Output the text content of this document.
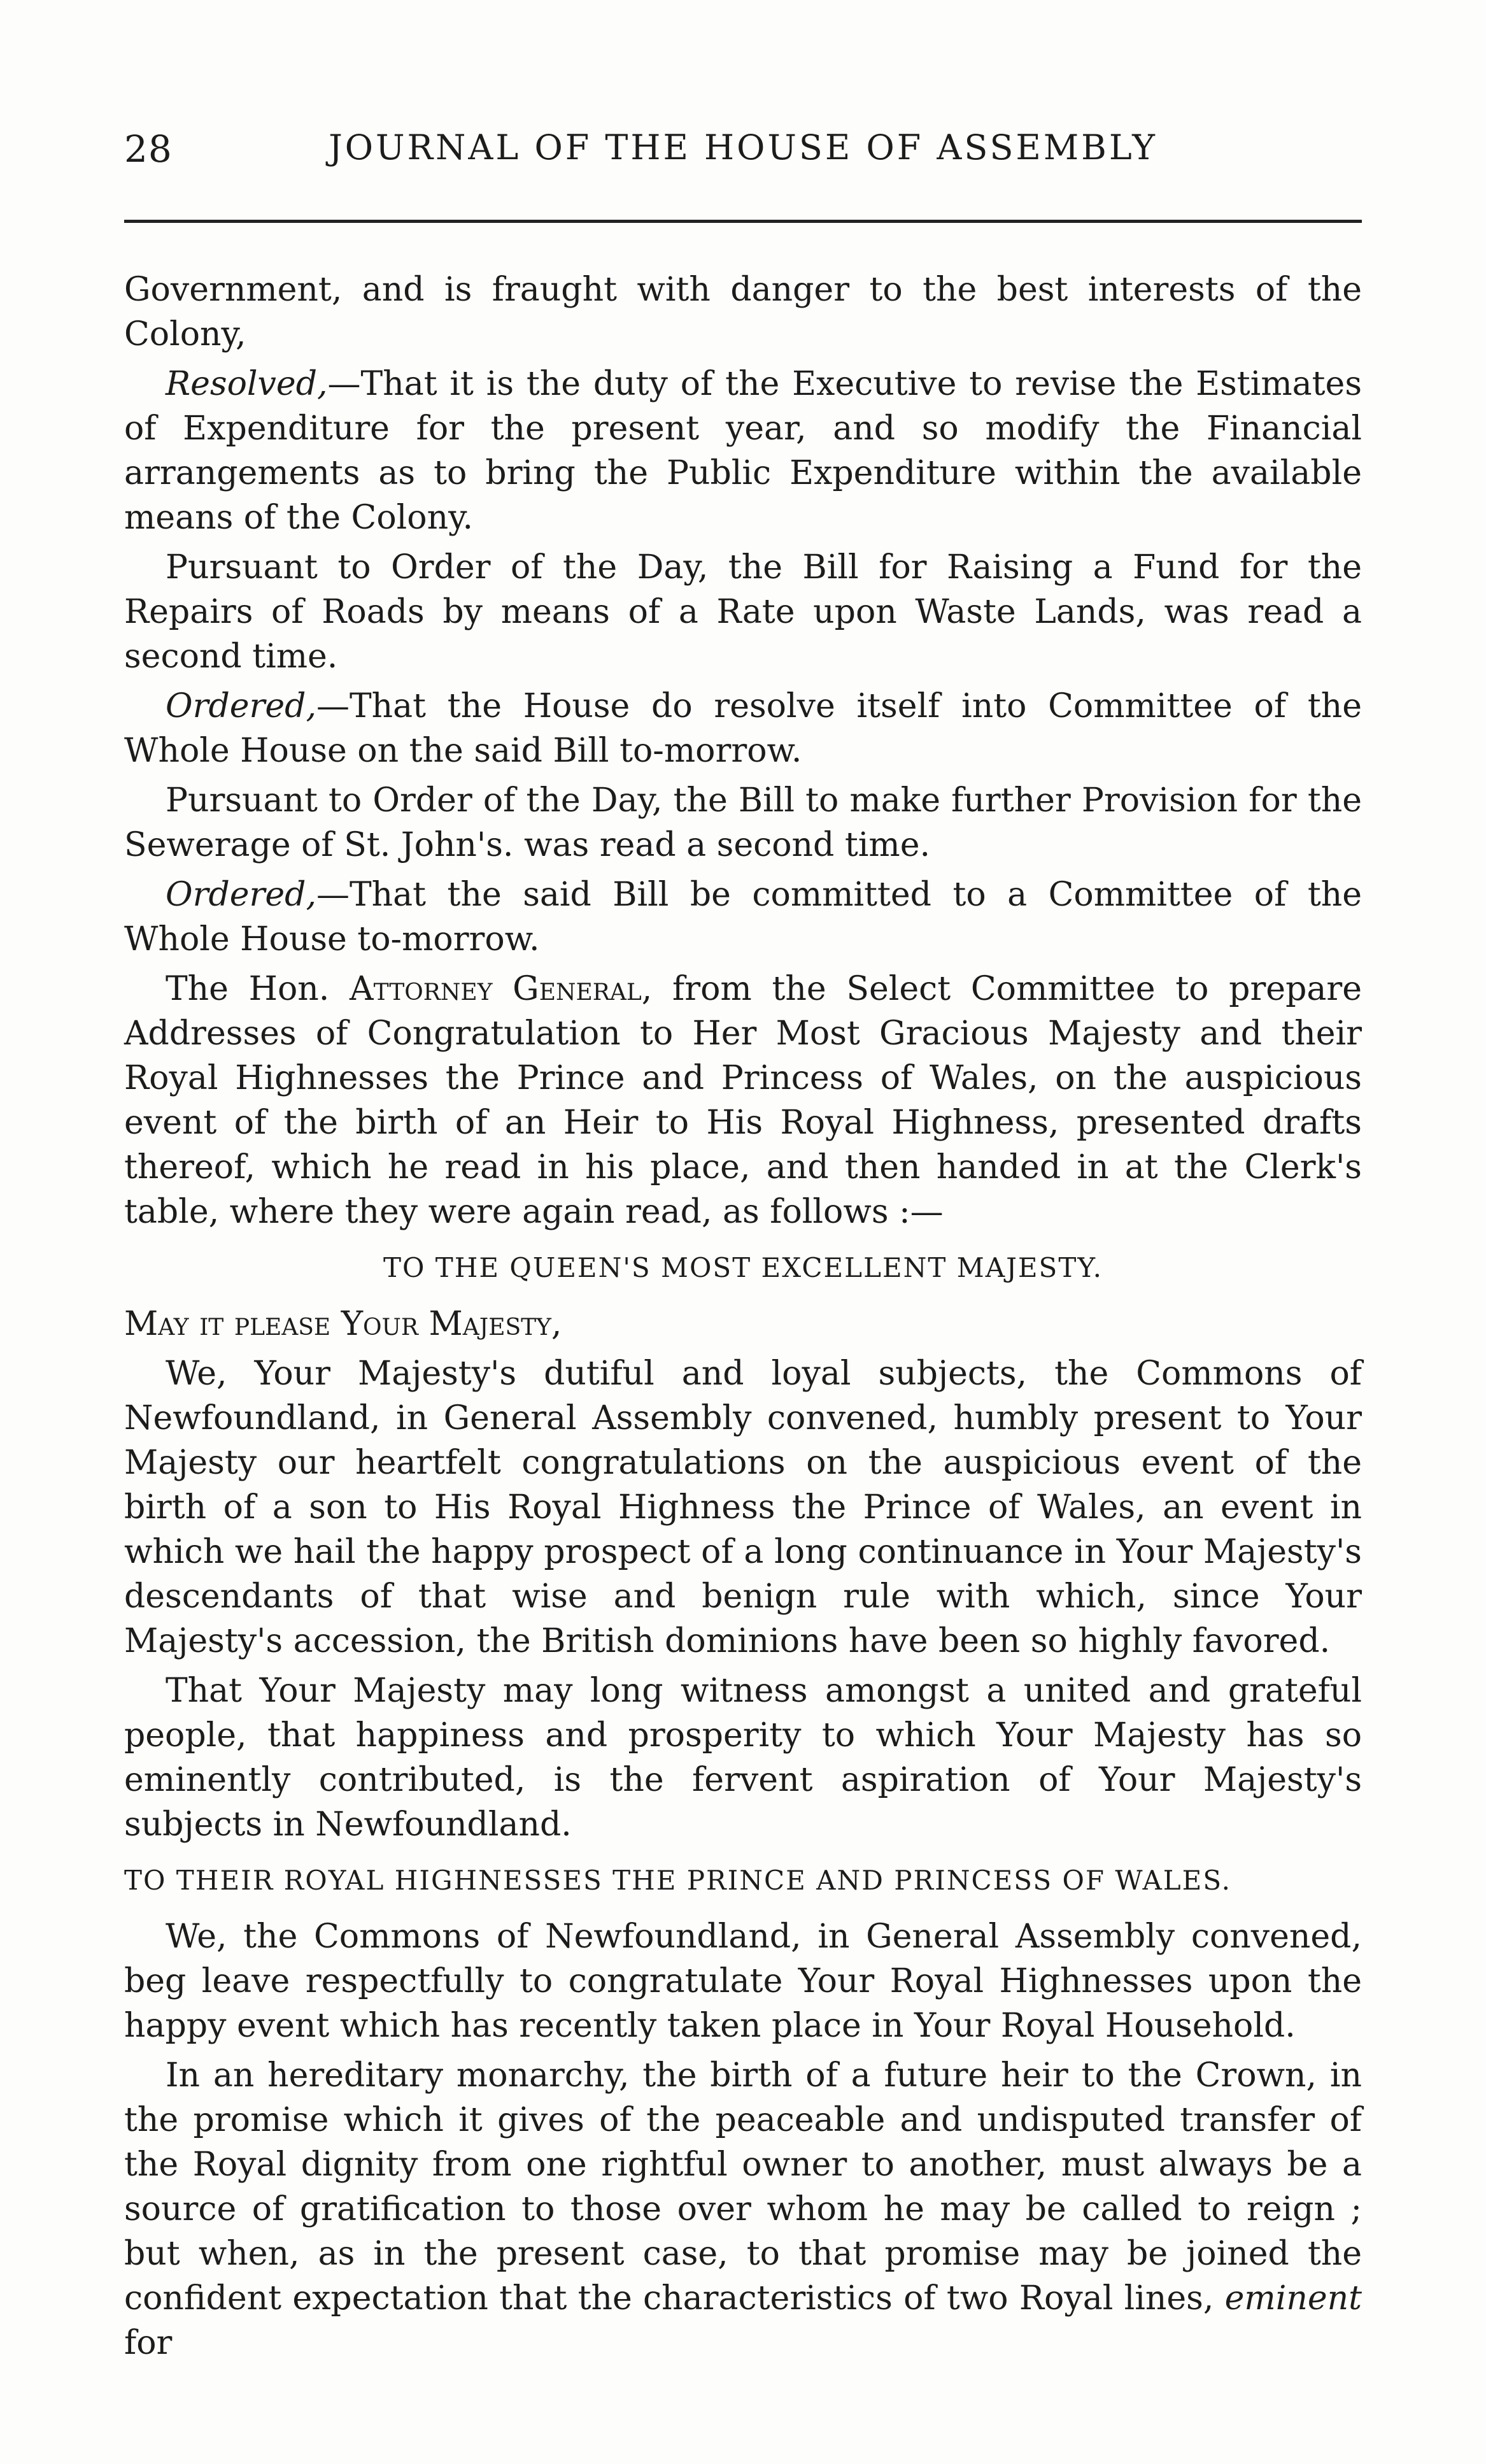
28	JOURNAL OF THE HOUSE OF ASSEMBLY

Government, and is fraught with danger to the best interests of the Colony,

Resolved,—That it is the duty of the Executive to revise the Estimates of Expenditure for the present year, and so modify the Financial arrangements as to bring the Public Expenditure within the available means of the Colony.

Pursuant to Order of the Day, the Bill for Raising a Fund for the Repairs of Roads by means of a Rate upon Waste Lands, was read a second time.

Ordered,—That the House do resolve itself into Committee of the Whole House on the said Bill to-morrow.

Pursuant to Order of the Day, the Bill to make further Provision for the Sewerage of St. John's. was read a second time.

Ordered,—That the said Bill be committed to a Committee of the Whole House to-morrow.

The Hon. Attorney General, from the Select Committee to prepare Addresses of Congratulation to Her Most Gracious Majesty and their Royal Highnesses the Prince and Princess of Wales, on the auspicious event of the birth of an Heir to His Royal Highness, presented drafts thereof, which he read in his place, and then handed in at the Clerk's table, where they were again read, as follows :—

TO THE QUEEN'S MOST EXCELLENT MAJESTY.

May it please Your Majesty,

We, Your Majesty's dutiful and loyal subjects, the Commons of Newfoundland, in General Assembly convened, humbly present to Your Majesty our heartfelt congratulations on the auspicious event of the birth of a son to His Royal Highness the Prince of Wales, an event in which we hail the happy prospect of a long continuance in Your Majesty's descendants of that wise and benign rule with which, since Your Majesty's accession, the British dominions have been so highly favored.

That Your Majesty may long witness amongst a united and grateful people, that happiness and prosperity to which Your Majesty has so eminently contributed, is the fervent aspiration of Your Majesty's subjects in Newfoundland.

TO THEIR ROYAL HIGHNESSES THE PRINCE AND PRINCESS OF WALES.

We, the Commons of Newfoundland, in General Assembly convened, beg leave respectfully to congratulate Your Royal Highnesses upon the happy event which has recently taken place in Your Royal Household.

In an hereditary monarchy, the birth of a future heir to the Crown, in the promise which it gives of the peaceable and undisputed transfer of the Royal dignity from one rightful owner to another, must always be a source of gratification to those over whom he may be called to reign ; but when, as in the present case, to that promise may be joined the confident expectation that the characteristics of two Royal lines, eminent for
